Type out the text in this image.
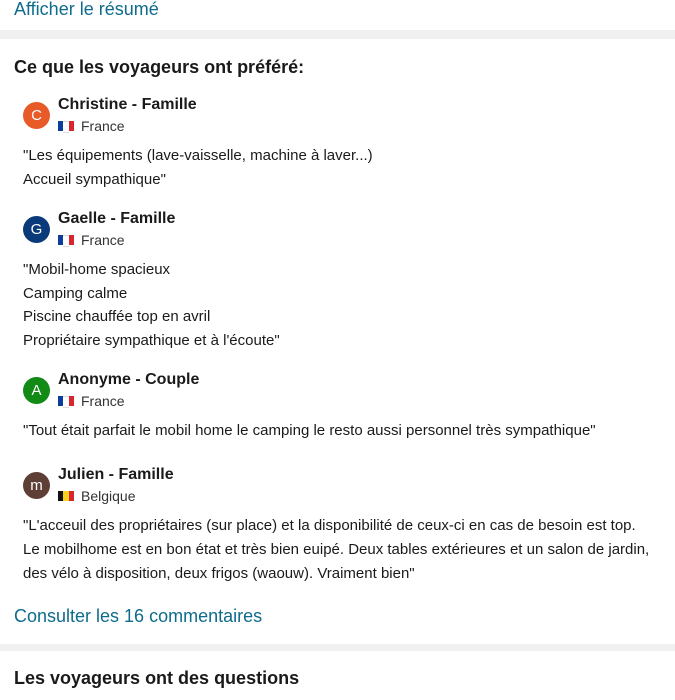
Afficher le résumé
Ce que les voyageurs ont préféré:
C
Christine - Famille
France

"Les équipements (lave-vaisselle, machine à laver...)
Accueil sympathique"

G
Gaelle - Famille
France

"Mobil-home spacieux
Camping calme
Piscine chauffée top en avril
Propriétaire sympathique et à l'écoute"

A
Anonyme - Couple
France

"Tout était parfait le mobil home le camping le resto aussi personnel très sympathique"

m
Julien - Famille
Belgique

"L'acceuil des propriétaires (sur place) et la disponibilité de ceux-ci en cas de besoin est top. Le mobilhome est en bon état et très bien euipé. Deux tables extérieures et un salon de jardin, des vélo à disposition, deux frigos (waouw). Vraiment bien"

Consulter les 16 commentaires
Les voyageurs ont des questions
